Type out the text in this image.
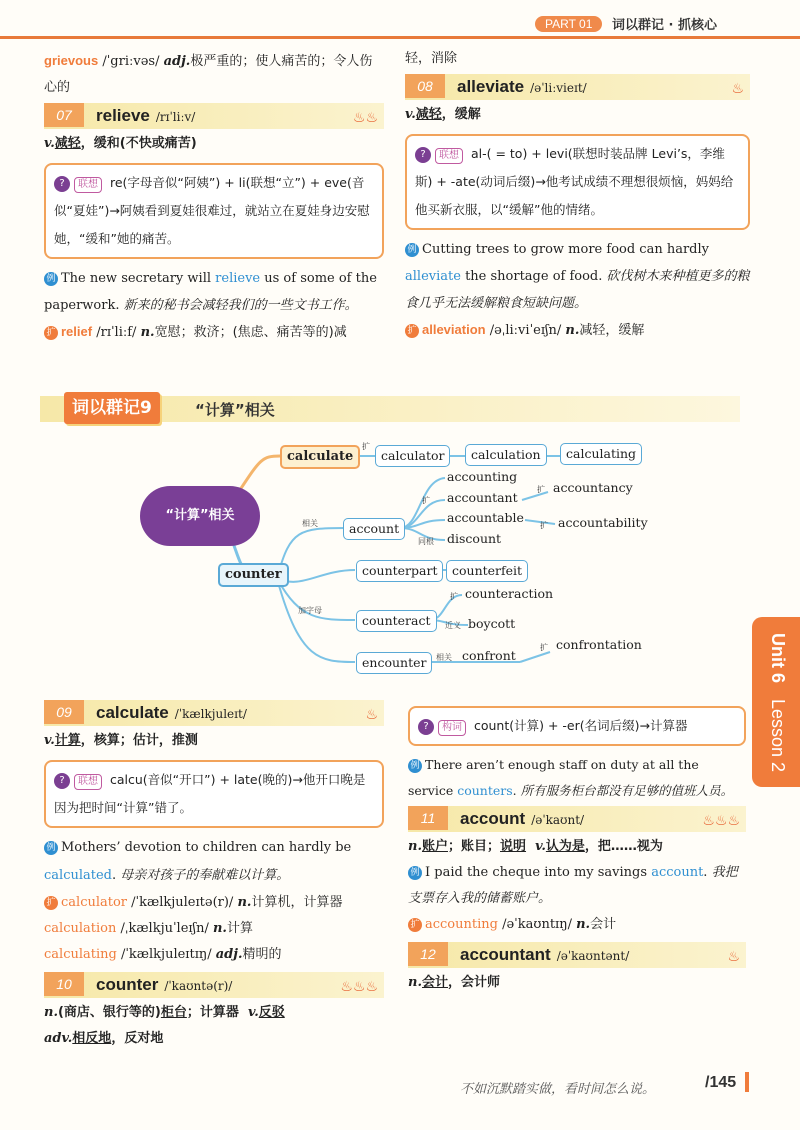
PART 01	词以群记 · 抓核心
grievous /ˈgriːvəs/ adj.极严重的；使人痛苦的；令人伤心的
07	relieve /rɪˈliːv/	♨♨
v.减轻，缓和(不快或痛苦)
? 联想 re(字母音似“阿姨”) + li(联想“立”) + eve(音似“夏娃”)→阿姨看到夏娃很难过，就站立在夏娃身边安慰她，“缓和”她的痛苦。
例 The new secretary will relieve us of some of the paperwork. 新来的秘书会减轻我们的一些文书工作。
扩 relief /rɪˈliːf/ n.宽慰；救济；(焦虑、痛苦等的)减
轻，消除
08	alleviate /əˈliːvieɪt/	♨
v.减轻，缓解
? 联想 al-( = to) + levi(联想时装品牌 Levi’s，李维斯) + -ate(动词后缀)→他考试成绩不理想很烦恼，妈妈给他买新衣服，以“缓解”他的情绪。
例 Cutting trees to grow more food can hardly alleviate the shortage of food. 砍伐树木来种植更多的粮食几乎无法缓解粮食短缺问题。
扩 alleviation /əˌliːviˈeɪʃn/ n.减轻，缓解
词以群记9	“计算”相关
“计算”相关
calculate	calculator	calculation	calculating
扩
counter
相关	account
扩
accounting
accountant
accountable
同根 discount
扩 accountancy
扩 accountability
加字母
counterpart	counterfeit
counteract
扩 counteraction
近义 boycott
encounter	相关 confront
扩 confrontation	Unit 6
Lesson 2
09	calculate /ˈkælkjuleɪt/	♨
v.计算，核算；估计，推测
? 联想 calcu(音似“开口”) + late(晚的)→他开口晚是因为把时间“计算”错了。
例 Mothers’ devotion to children can hardly be calculated. 母亲对孩子的奉献难以计算。
扩 calculator /ˈkælkjuleɪtə(r)/ n.计算机，计算器
calculation /ˌkælkjuˈleɪʃn/ n.计算
calculating /ˈkælkjuleɪtɪŋ/ adj.精明的
10	counter /ˈkaʊntə(r)/	♨♨♨
n.(商店、银行等的)柜台；计算器 v.反驳
adv.相反地，反对地
? 构词 count(计算) + -er(名词后缀)→计算器
例 There aren’t enough staff on duty at all the service counters. 所有服务柜台都没有足够的值班人员。
11	account /əˈkaʊnt/	♨♨♨
n.账户；账目；说明 v.认为是，把……视为
例 I paid the cheque into my savings account. 我把支票存入我的储蓄账户。
扩 accounting /əˈkaʊntɪŋ/ n.会计
12	accountant /əˈkaʊntənt/	♨
n.会计，会计师
不如沉默踏实做，看时间怎么说。	/145
